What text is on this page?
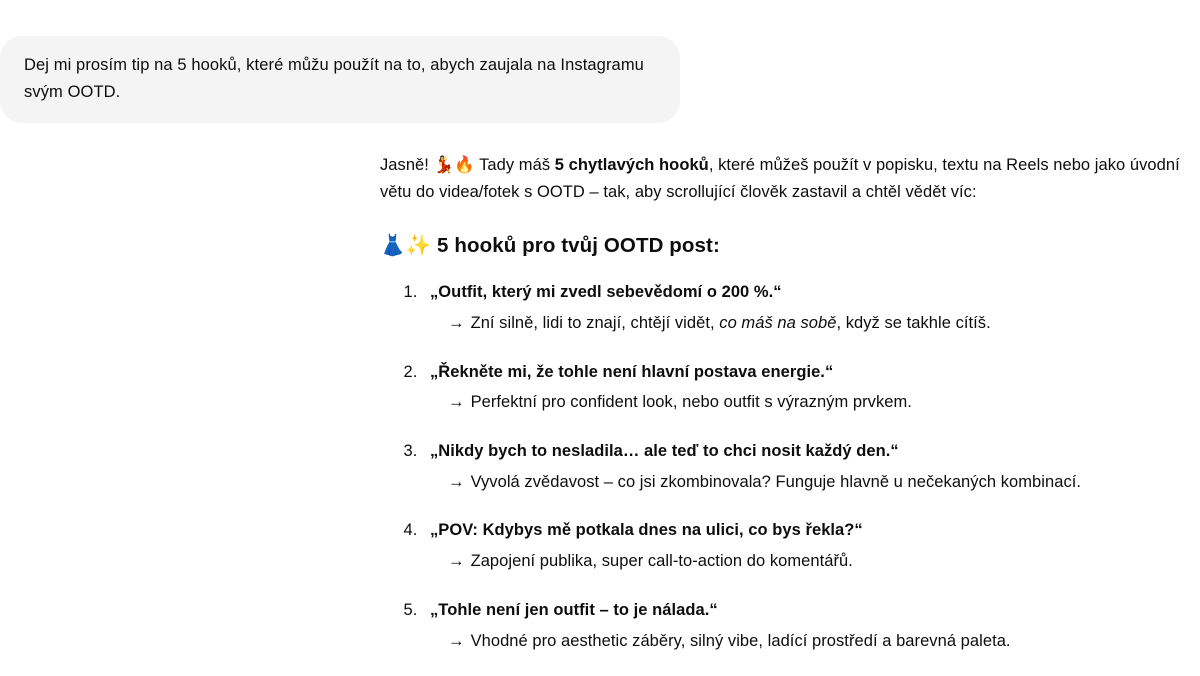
Dej mi prosím tip na 5 hooků, které můžu použít na to, abych zaujala na Instagramu svým OOTD.

Jasně! 💃🔥 Tady máš 5 chytlavých hooků, které můžeš použít v popisku, textu na Reels nebo jako úvodní větu do videa/fotek s OOTD – tak, aby scrollující člověk zastavil a chtěl vědět víc:

👗✨ 5 hooků pro tvůj OOTD post:
1. „Outfit, který mi zvedl sebevědomí o 200 %.“
→ Zní silně, lidi to znají, chtějí vidět, co máš na sobě, když se takhle cítíš.
2. „Řekněte mi, že tohle není hlavní postava energie.“
→ Perfektní pro confident look, nebo outfit s výrazným prvkem.
3. „Nikdy bych to nesladila… ale teď to chci nosit každý den.“
→ Vyvolá zvědavost – co jsi zkombinovala? Funguje hlavně u nečekaných kombinací.
4. „POV: Kdybys mě potkala dnes na ulici, co bys řekla?“
→ Zapojení publika, super call-to-action do komentářů.
5. „Tohle není jen outfit – to je nálada.“
→ Vhodné pro aesthetic záběry, silný vibe, ladící prostředí a barevná paleta.
